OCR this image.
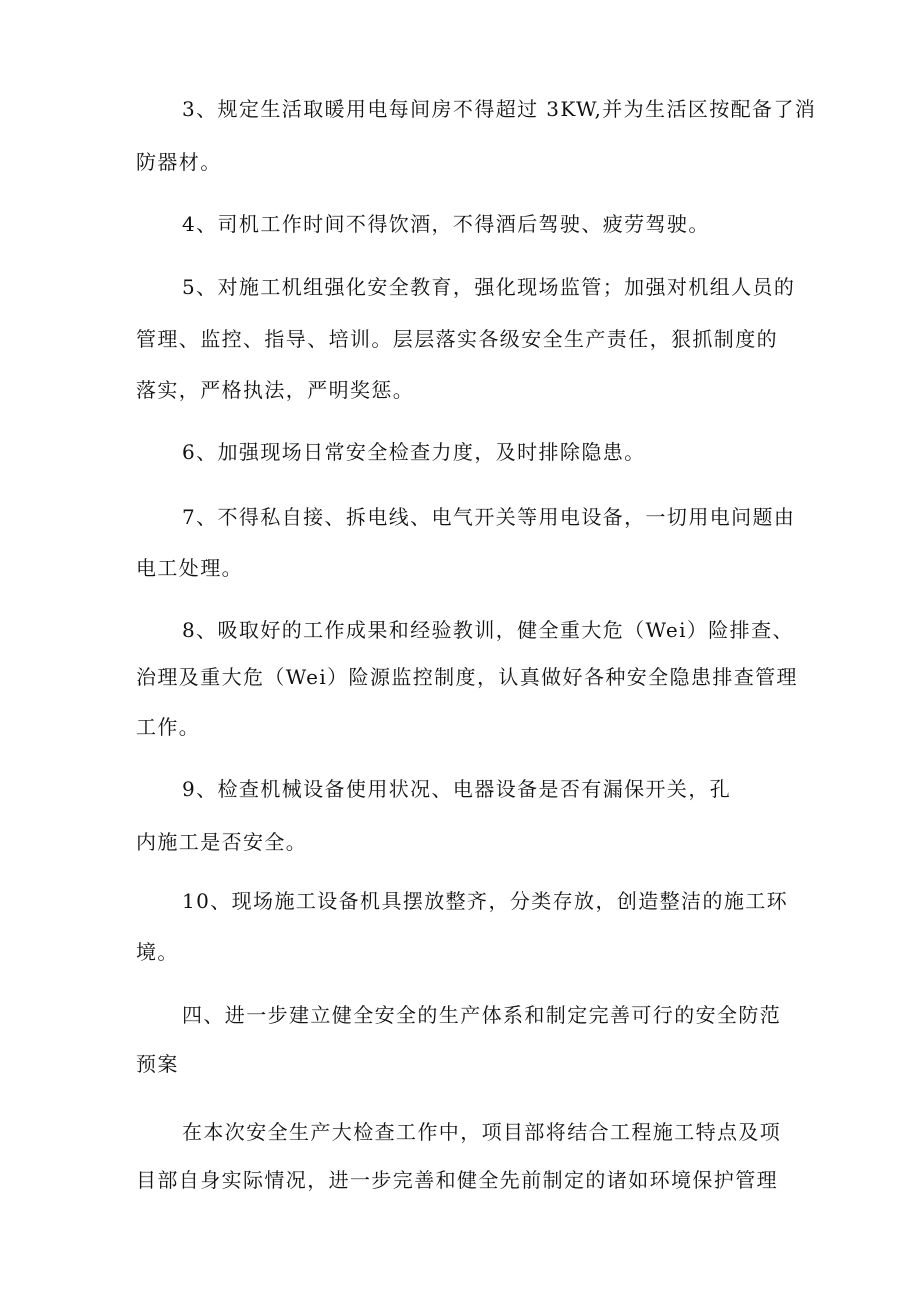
3、规定生活取暖用电每间房不得超过 3KW,并为生活区按配备了消
防器材。
4、司机工作时间不得饮酒，不得酒后驾驶、疲劳驾驶。
5、对施工机组强化安全教育，强化现场监管；加强对机组人员的
管理、监控、指导、培训。层层落实各级安全生产责任，狠抓制度的
落实，严格执法，严明奖惩。
6、加强现场日常安全检查力度，及时排除隐患。
7、不得私自接、拆电线、电气开关等用电设备，一切用电问题由
电工处理。
8、吸取好的工作成果和经验教训，健全重大危（Wei）险排查、
治理及重大危（Wei）险源监控制度，认真做好各种安全隐患排查管理
工作。
9、检查机械设备使用状况、电器设备是否有漏保开关，孔
内施工是否安全。
10、现场施工设备机具摆放整齐，分类存放，创造整洁的施工环
境。
四、进一步建立健全安全的生产体系和制定完善可行的安全防范
预案
在本次安全生产大检查工作中，项目部将结合工程施工特点及项
目部自身实际情况，进一步完善和健全先前制定的诸如环境保护管理
